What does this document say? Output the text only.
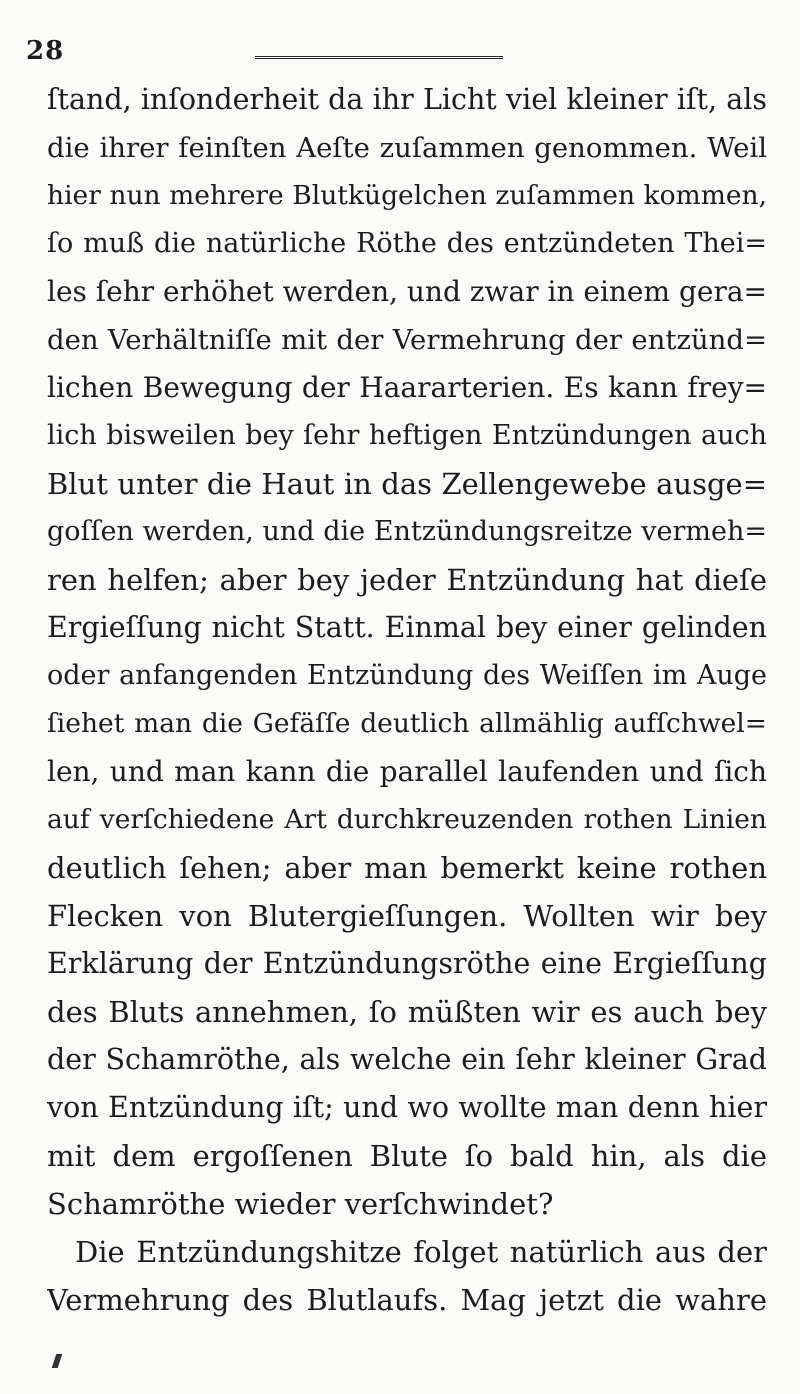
28
ſtand, inſonderheit da ihr Licht viel kleiner iſt, als
die ihrer feinſten Aeſte zuſammen genommen. Weil
hier nun mehrere Blutkügelchen zuſammen kommen,
ſo muß die natürliche Röthe des entzündeten Thei=
les ſehr erhöhet werden, und zwar in einem gera=
den Verhältniſſe mit der Vermehrung der entzünd=
lichen Bewegung der Haararterien. Es kann frey=
lich bisweilen bey ſehr heftigen Entzündungen auch
Blut unter die Haut in das Zellengewebe ausge=
goſſen werden, und die Entzündungsreitze vermeh=
ren helfen; aber bey jeder Entzündung hat dieſe
Ergieſſung nicht Statt. Einmal bey einer gelinden
oder anfangenden Entzündung des Weiſſen im Auge
ſiehet man die Gefäſſe deutlich allmählig aufſchwel=
len, und man kann die parallel laufenden und ſich
auf verſchiedene Art durchkreuzenden rothen Linien
deutlich ſehen; aber man bemerkt keine rothen
Flecken von Blutergieſſungen. Wollten wir bey
Erklärung der Entzündungsröthe eine Ergieſſung
des Bluts annehmen, ſo müßten wir es auch bey
der Schamröthe, als welche ein ſehr kleiner Grad
von Entzündung iſt; und wo wollte man denn hier
mit dem ergoſſenen Blute ſo bald hin, als die
Schamröthe wieder verſchwindet?
Die Entzündungshitze folget natürlich aus der
Vermehrung des Blutlaufs. Mag jetzt die wahre
